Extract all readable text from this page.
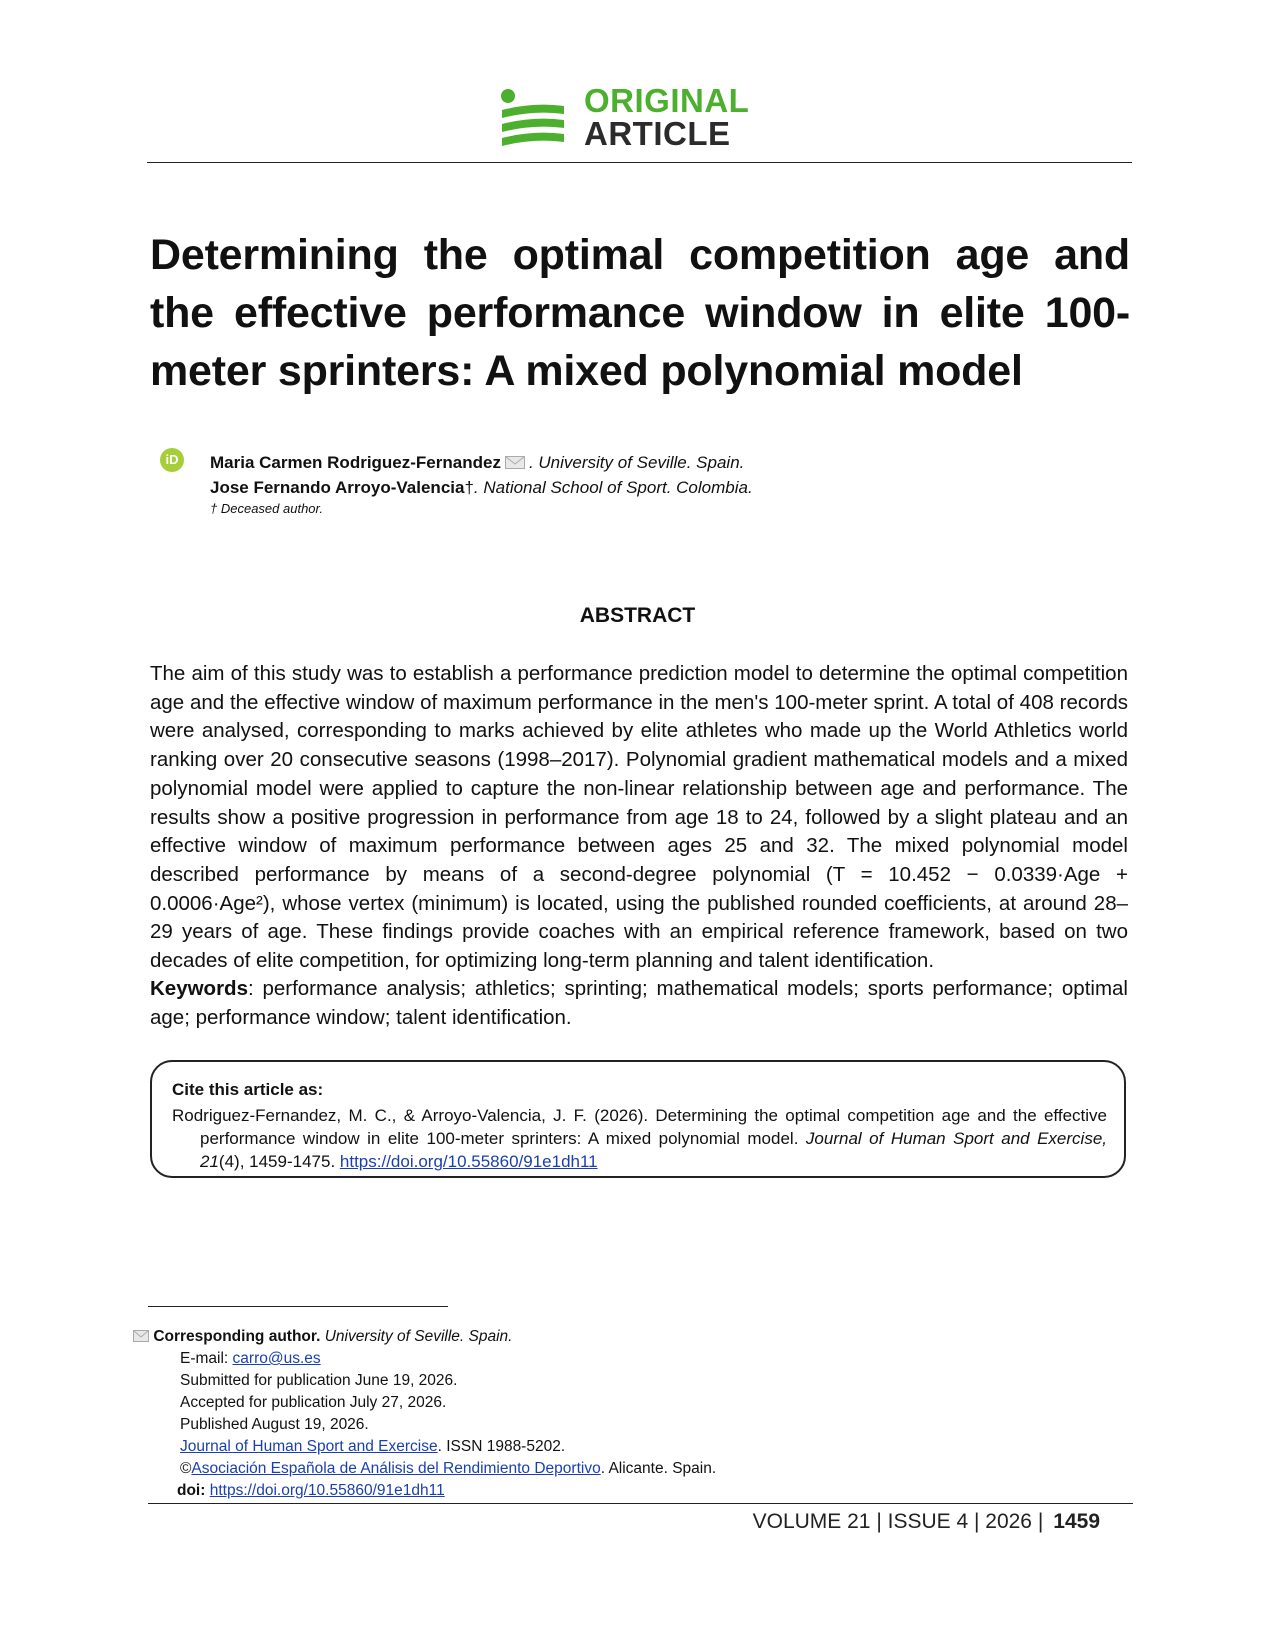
ORIGINAL
ARTICLE
Determining the optimal competition age and the effective performance window in elite 100-meter sprinters: A mixed polynomial model
iD	Maria Carmen Rodriguez-Fernandez . University of Seville. Spain.
Jose Fernando Arroyo-Valencia†. National School of Sport. Colombia.
† Deceased author.
ABSTRACT
The aim of this study was to establish a performance prediction model to determine the optimal competition age and the effective window of maximum performance in the men's 100-meter sprint. A total of 408 records were analysed, corresponding to marks achieved by elite athletes who made up the World Athletics world ranking over 20 consecutive seasons (1998–2017). Polynomial gradient mathematical models and a mixed polynomial model were applied to capture the non-linear relationship between age and performance. The results show a positive progression in performance from age 18 to 24, followed by a slight plateau and an effective window of maximum performance between ages 25 and 32. The mixed polynomial model described performance by means of a second-degree polynomial (T = 10.452 − 0.0339·Age + 0.0006·Age²), whose vertex (minimum) is located, using the published rounded coefficients, at around 28–29 years of age. These findings provide coaches with an empirical reference framework, based on two decades of elite competition, for optimizing long-term planning and talent identification.
Keywords: performance analysis; athletics; sprinting; mathematical models; sports performance; optimal age; performance window; talent identification.
Cite this article as:
Rodriguez-Fernandez, M. C., & Arroyo-Valencia, J. F. (2026). Determining the optimal competition age and the effective performance window in elite 100-meter sprinters: A mixed polynomial model. Journal of Human Sport and Exercise, 21(4), 1459-1475. https://doi.org/10.55860/91e1dh11
Corresponding author. University of Seville. Spain.
E-mail: carro@us.es
Submitted for publication June 19, 2026.
Accepted for publication July 27, 2026.
Published August 19, 2026.
Journal of Human Sport and Exercise. ISSN 1988-5202.
©Asociación Española de Análisis del Rendimiento Deportivo. Alicante. Spain.
doi: https://doi.org/10.55860/91e1dh11
VOLUME 21 | ISSUE 4 | 2026 | 1459
